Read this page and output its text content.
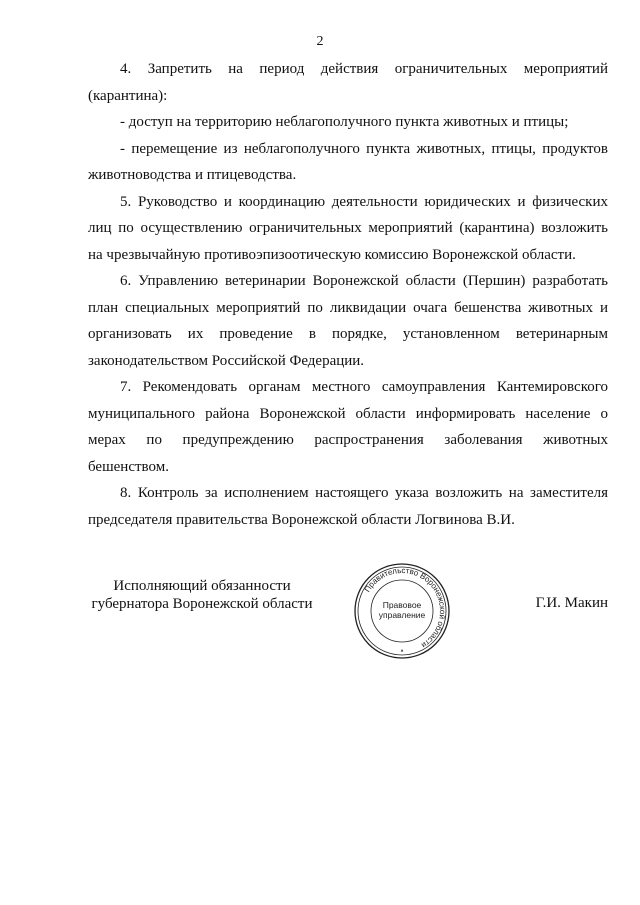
2

4. Запретить на период действия ограничительных мероприятий (карантина):

- доступ на территорию неблагополучного пункта животных и птицы;

- перемещение из неблагополучного пункта животных, птицы, продуктов животноводства и птицеводства.

5. Руководство и координацию деятельности юридических и физических лиц по осуществлению ограничительных мероприятий (карантина) возложить на чрезвычайную противоэпизоотическую комиссию Воронежской области.

6. Управлению ветеринарии Воронежской области (Першин) разработать план специальных мероприятий по ликвидации очага бешенства животных и организовать их проведение в порядке, установленном ветеринарным законодательством Российской Федерации.

7. Рекомендовать органам местного самоуправления Кантемировского муниципального района Воронежской области информировать население о мерах по предупреждению распространения заболевания животных бешенством.

8. Контроль за исполнением настоящего указа возложить на заместителя председателя правительства Воронежской области Логвинова В.И.

Исполняющий обязанности
губернатора Воронежской области
Правительство Воронежской области
Правовое
управление
Г.И. Макин
